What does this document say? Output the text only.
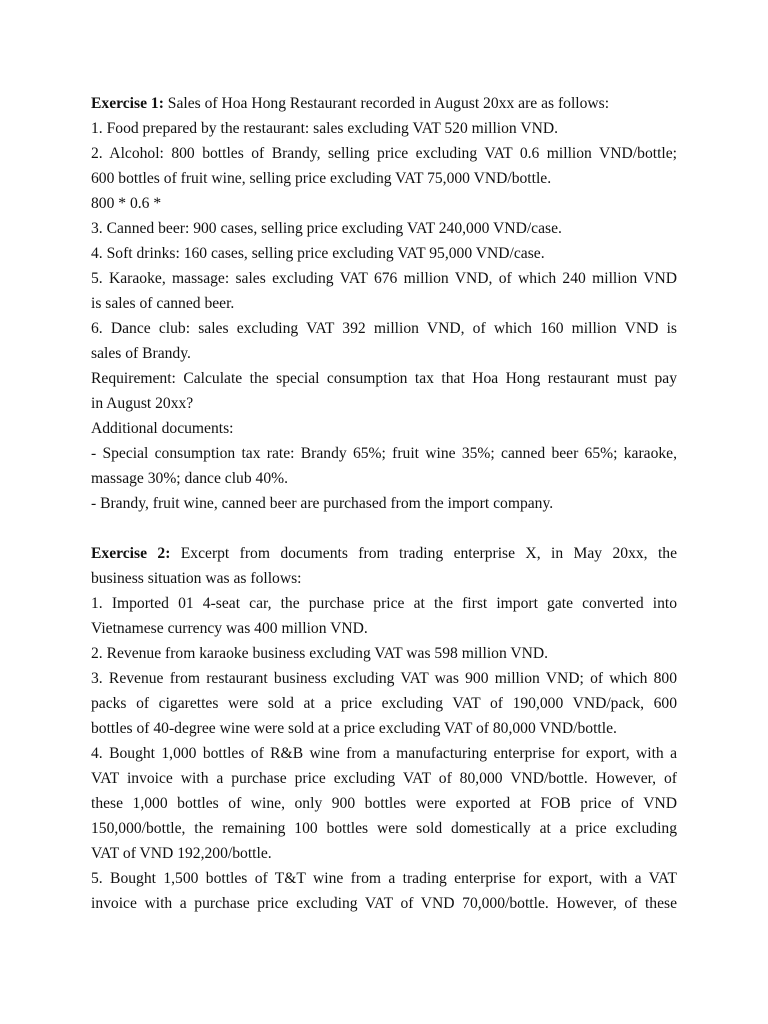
Exercise 1: Sales of Hoa Hong Restaurant recorded in August 20xx are as follows:
1. Food prepared by the restaurant: sales excluding VAT 520 million VND.
2. Alcohol: 800 bottles of Brandy, selling price excluding VAT 0.6 million VND/bottle;
600 bottles of fruit wine, selling price excluding VAT 75,000 VND/bottle.
800 * 0.6 *
3. Canned beer: 900 cases, selling price excluding VAT 240,000 VND/case.
4. Soft drinks: 160 cases, selling price excluding VAT 95,000 VND/case.
5. Karaoke, massage: sales excluding VAT 676 million VND, of which 240 million VND
is sales of canned beer.
6. Dance club: sales excluding VAT 392 million VND, of which 160 million VND is
sales of Brandy.
Requirement: Calculate the special consumption tax that Hoa Hong restaurant must pay
in August 20xx?
Additional documents:
- Special consumption tax rate: Brandy 65%; fruit wine 35%; canned beer 65%; karaoke,
massage 30%; dance club 40%.
- Brandy, fruit wine, canned beer are purchased from the import company.
Exercise 2: Excerpt from documents from trading enterprise X, in May 20xx, the
business situation was as follows:
1. Imported 01 4-seat car, the purchase price at the first import gate converted into
Vietnamese currency was 400 million VND.
2. Revenue from karaoke business excluding VAT was 598 million VND.
3. Revenue from restaurant business excluding VAT was 900 million VND; of which 800
packs of cigarettes were sold at a price excluding VAT of 190,000 VND/pack, 600
bottles of 40-degree wine were sold at a price excluding VAT of 80,000 VND/bottle.
4. Bought 1,000 bottles of R&B wine from a manufacturing enterprise for export, with a
VAT invoice with a purchase price excluding VAT of 80,000 VND/bottle. However, of
these 1,000 bottles of wine, only 900 bottles were exported at FOB price of VND
150,000/bottle, the remaining 100 bottles were sold domestically at a price excluding
VAT of VND 192,200/bottle.
5. Bought 1,500 bottles of T&T wine from a trading enterprise for export, with a VAT
invoice with a purchase price excluding VAT of VND 70,000/bottle. However, of these
